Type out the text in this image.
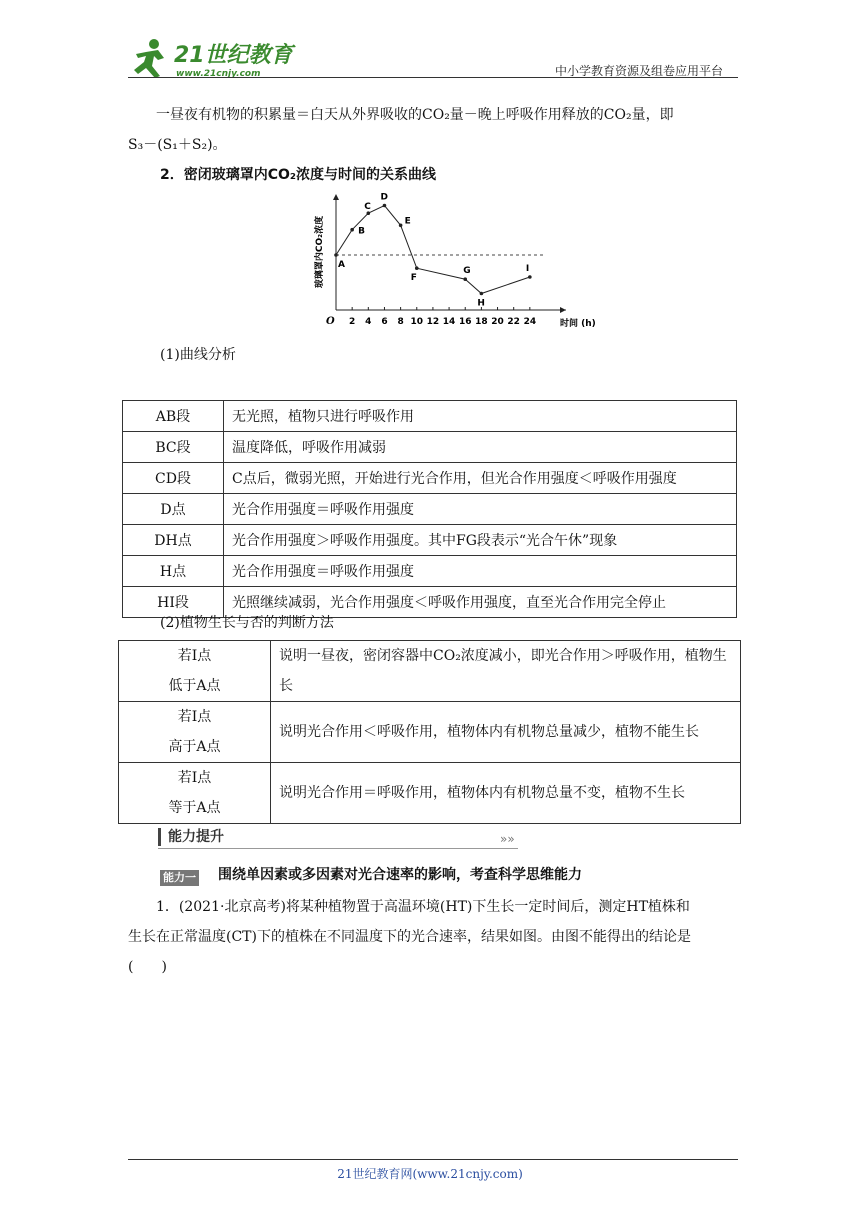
21世纪教育
www.21cnjy.com	中小学教育资源及组卷应用平台
一昼夜有机物的积累量＝白天从外界吸收的CO₂量－晚上呼吸作用释放的CO₂量，即
S₃－(S₁＋S₂)。
2．密闭玻璃罩内CO₂浓度与时间的关系曲线
O 2 4 6 8 10 12 14 16 18 20 22 24	时间 (h)
玻璃罩内CO₂浓度 A
B
C
D
E
F
G
H
I
(1)曲线分析
AB段	无光照，植物只进行呼吸作用
BC段	温度降低，呼吸作用减弱
CD段	C点后，微弱光照，开始进行光合作用，但光合作用强度＜呼吸作用强度
D点	光合作用强度＝呼吸作用强度
DH点	光合作用强度＞呼吸作用强度。其中FG段表示“光合午休”现象
H点	光合作用强度＝呼吸作用强度
HI段	光照继续减弱，光合作用强度＜呼吸作用强度，直至光合作用完全停止
(2)植物生长与否的判断方法
若I点
低于A点	说明一昼夜，密闭容器中CO₂浓度减小，即光合作用＞呼吸作用，植物生长

若I点
高于A点	说明光合作用＜呼吸作用，植物体内有机物总量减少，植物不能生长

若I点
等于A点	说明光合作用＝呼吸作用，植物体内有机物总量不变，植物不生长
能力提升	»»
能力一 围绕单因素或多因素对光合速率的影响，考查科学思维能力
1．(2021·北京高考)将某种植物置于高温环境(HT)下生长一定时间后，测定HT植株和
生长在正常温度(CT)下的植株在不同温度下的光合速率，结果如图。由图不能得出的结论是
(　　)
21世纪教育网(www.21cnjy.com)
